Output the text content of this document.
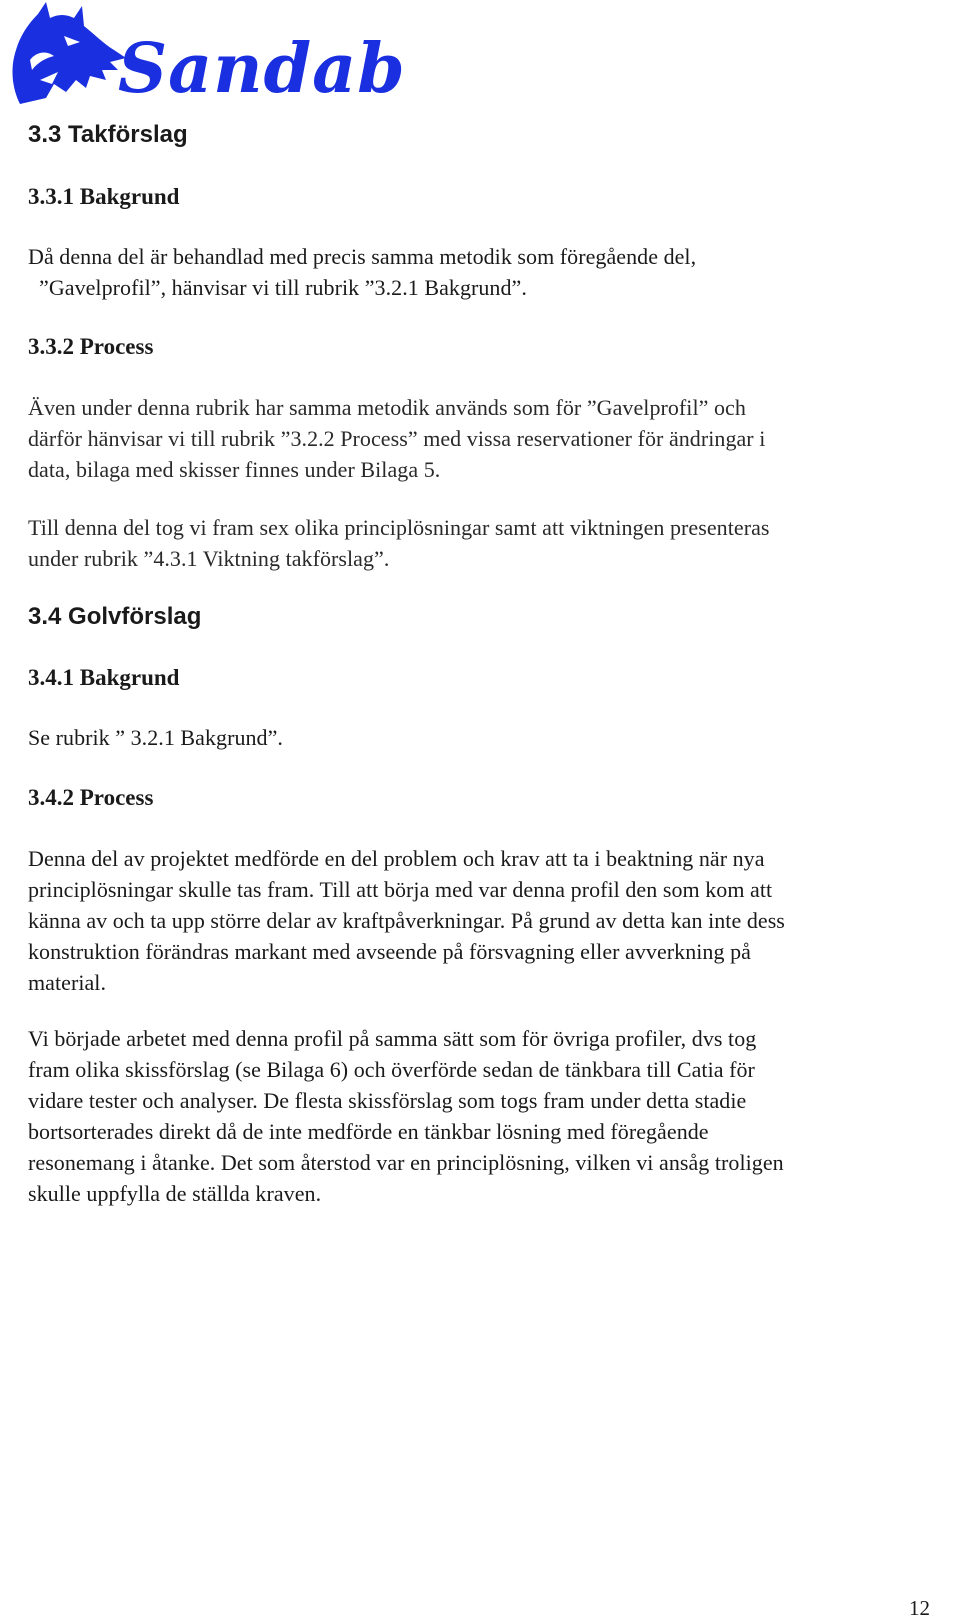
Sandab
3.3 Takförslag
3.3.1 Bakgrund
Då denna del är behandlad med precis samma metodik som föregående del,
”Gavelprofil”, hänvisar vi till rubrik ”3.2.1 Bakgrund”.
3.3.2 Process
Även under denna rubrik har samma metodik används som för ”Gavelprofil” och
därför hänvisar vi till rubrik ”3.2.2 Process” med vissa reservationer för ändringar i
data, bilaga med skisser finnes under Bilaga 5.
Till denna del tog vi fram sex olika principlösningar samt att viktningen presenteras
under rubrik ”4.3.1 Viktning takförslag”.
3.4 Golvförslag
3.4.1 Bakgrund
Se rubrik ” 3.2.1 Bakgrund”.
3.4.2 Process
Denna del av projektet medförde en del problem och krav att ta i beaktning när nya
principlösningar skulle tas fram. Till att börja med var denna profil den som kom att
känna av och ta upp större delar av kraftpåverkningar. På grund av detta kan inte dess
konstruktion förändras markant med avseende på försvagning eller avverkning på
material.
Vi började arbetet med denna profil på samma sätt som för övriga profiler, dvs tog
fram olika skissförslag (se Bilaga 6) och överförde sedan de tänkbara till Catia för
vidare tester och analyser. De flesta skissförslag som togs fram under detta stadie
bortsorterades direkt då de inte medförde en tänkbar lösning med föregående
resonemang i åtanke. Det som återstod var en principlösning, vilken vi ansåg troligen
skulle uppfylla de ställda kraven.
12
